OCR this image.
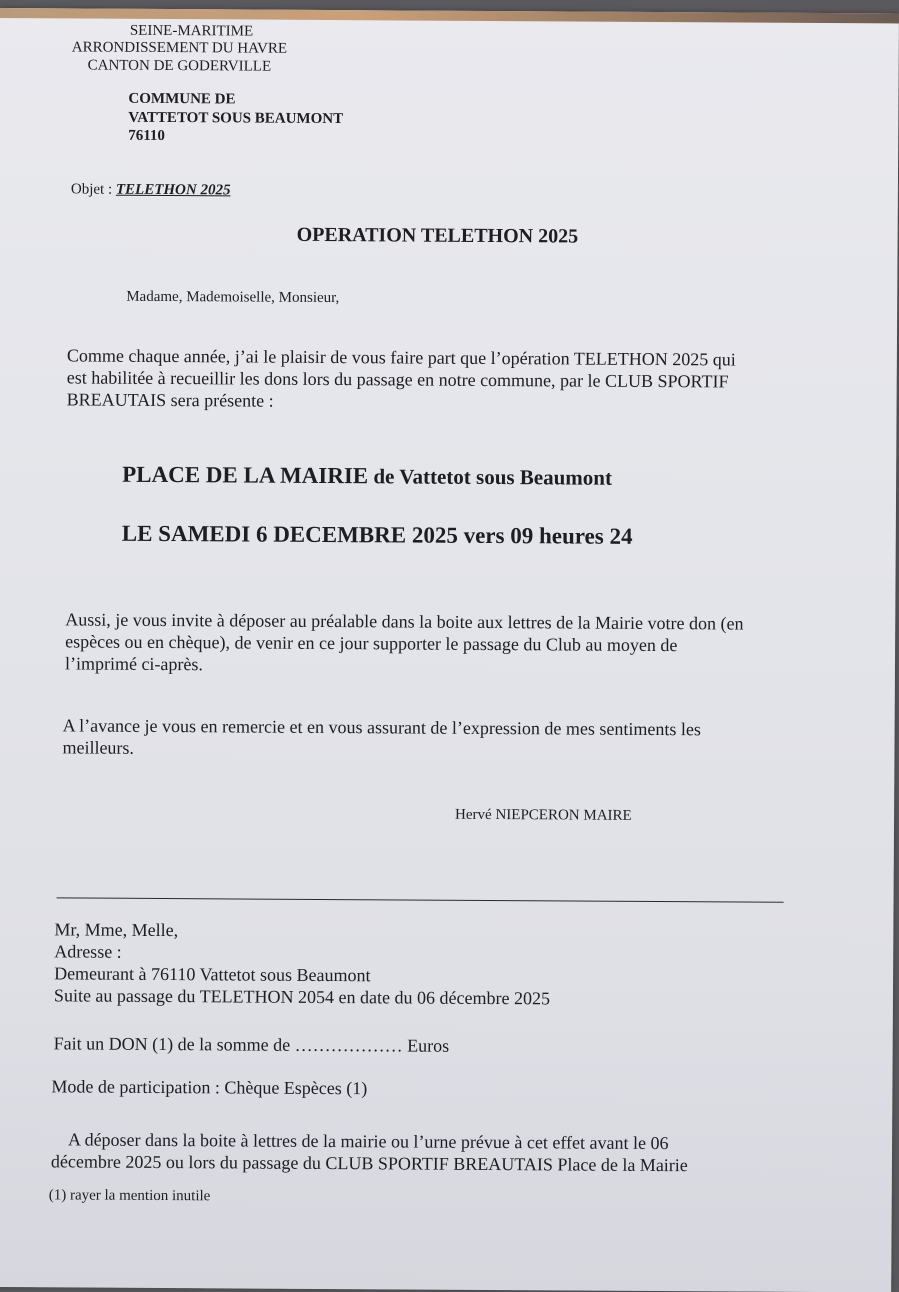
SEINE-MARITIME
ARRONDISSEMENT DU HAVRE
CANTON DE GODERVILLE
COMMUNE DE
VATTETOT SOUS BEAUMONT
76110
Objet : TELETHON 2025
OPERATION TELETHON 2025
Madame, Mademoiselle, Monsieur,
Comme chaque année, j’ai le plaisir de vous faire part que l’opération TELETHON 2025 qui
est habilitée à recueillir les dons lors du passage en notre commune, par le CLUB SPORTIF
BREAUTAIS sera présente :
PLACE DE LA MAIRIE de Vattetot sous Beaumont
LE SAMEDI 6 DECEMBRE 2025 vers 09 heures 24
Aussi, je vous invite à déposer au préalable dans la boite aux lettres de la Mairie votre don (en
espèces ou en chèque), de venir en ce jour supporter le passage du Club au moyen de
l’imprimé ci-après.
A l’avance je vous en remercie et en vous assurant de l’expression de mes sentiments les
meilleurs.
Hervé NIEPCERON MAIRE
Mr, Mme, Melle,
Adresse :
Demeurant à 76110 Vattetot sous Beaumont
Suite au passage du TELETHON 2054 en date du 06 décembre 2025
Fait un DON (1) de la somme de ……………… Euros
Mode de participation : Chèque Espèces (1)
A déposer dans la boite à lettres de la mairie ou l’urne prévue à cet effet avant le 06
décembre 2025 ou lors du passage du CLUB SPORTIF BREAUTAIS Place de la Mairie
(1) rayer la mention inutile
